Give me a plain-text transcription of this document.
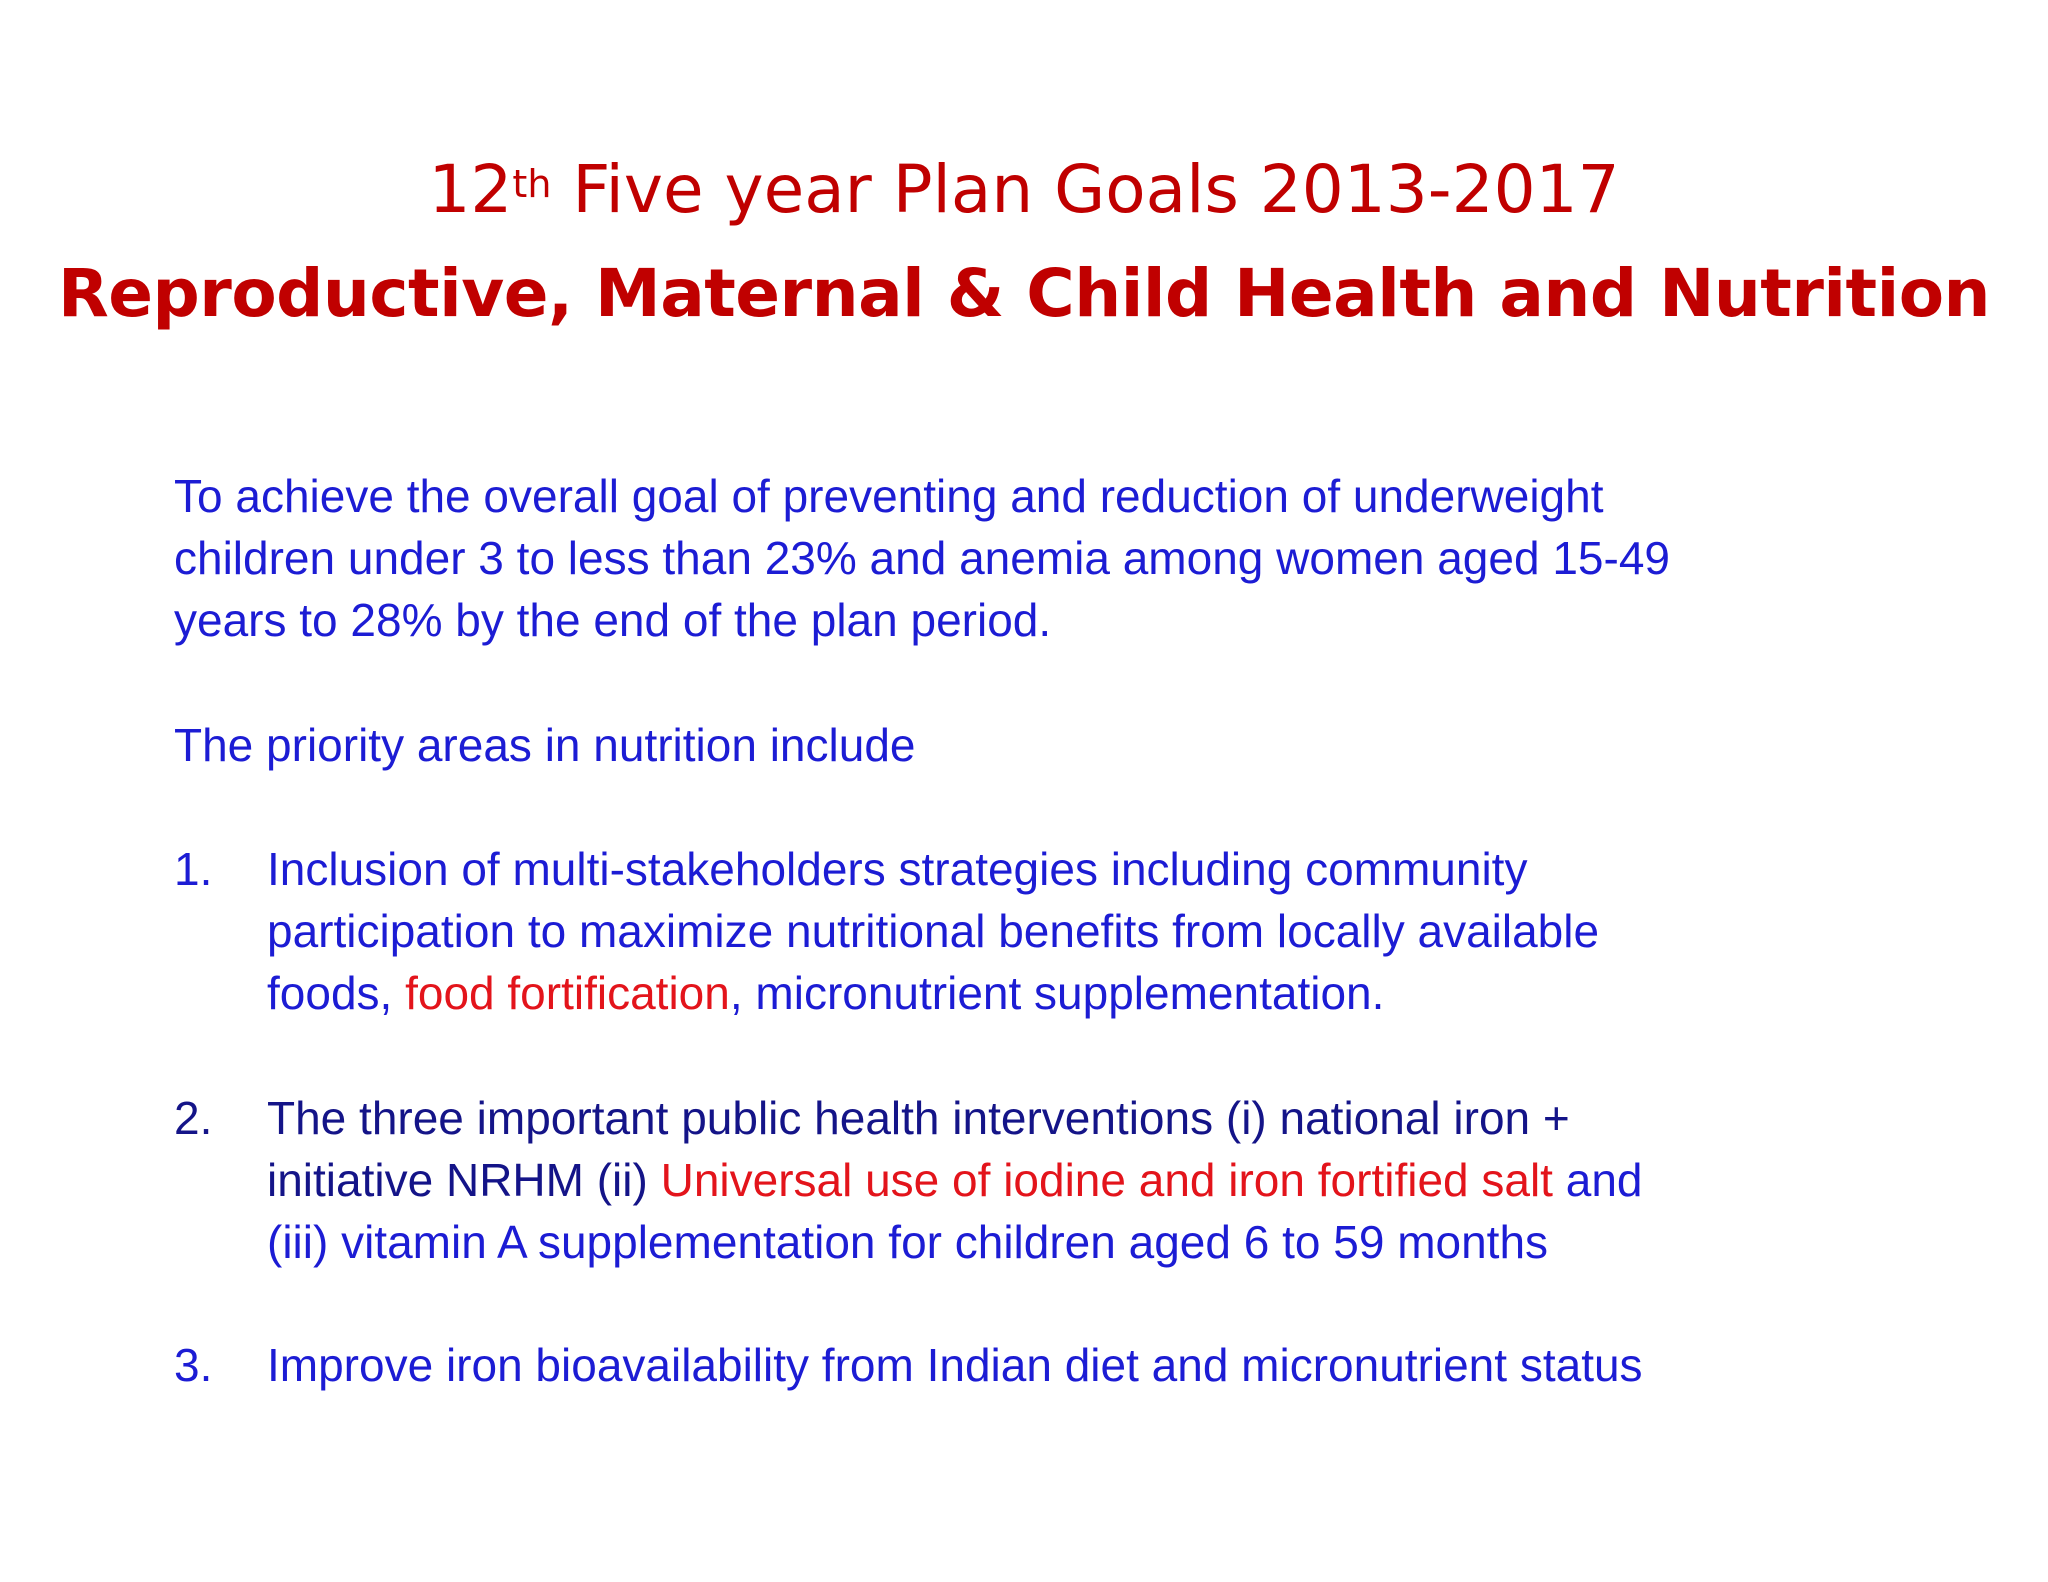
12th Five year Plan Goals 2013-2017
Reproductive, Maternal & Child Health and Nutrition
To achieve the overall goal of preventing and reduction of underweight
children under 3 to less than 23% and anemia among women aged 15-49
years to 28% by the end of the plan period.
The priority areas in nutrition include
1.	Inclusion of multi-stakeholders strategies including community
participation to maximize nutritional benefits from locally available
foods, food fortification, micronutrient supplementation.
2.	The three important public health interventions (i) national iron +
initiative NRHM (ii) Universal use of iodine and iron fortified salt and
(iii) vitamin A supplementation for children aged 6 to 59 months
3.	Improve iron bioavailability from Indian diet and micronutrient status
